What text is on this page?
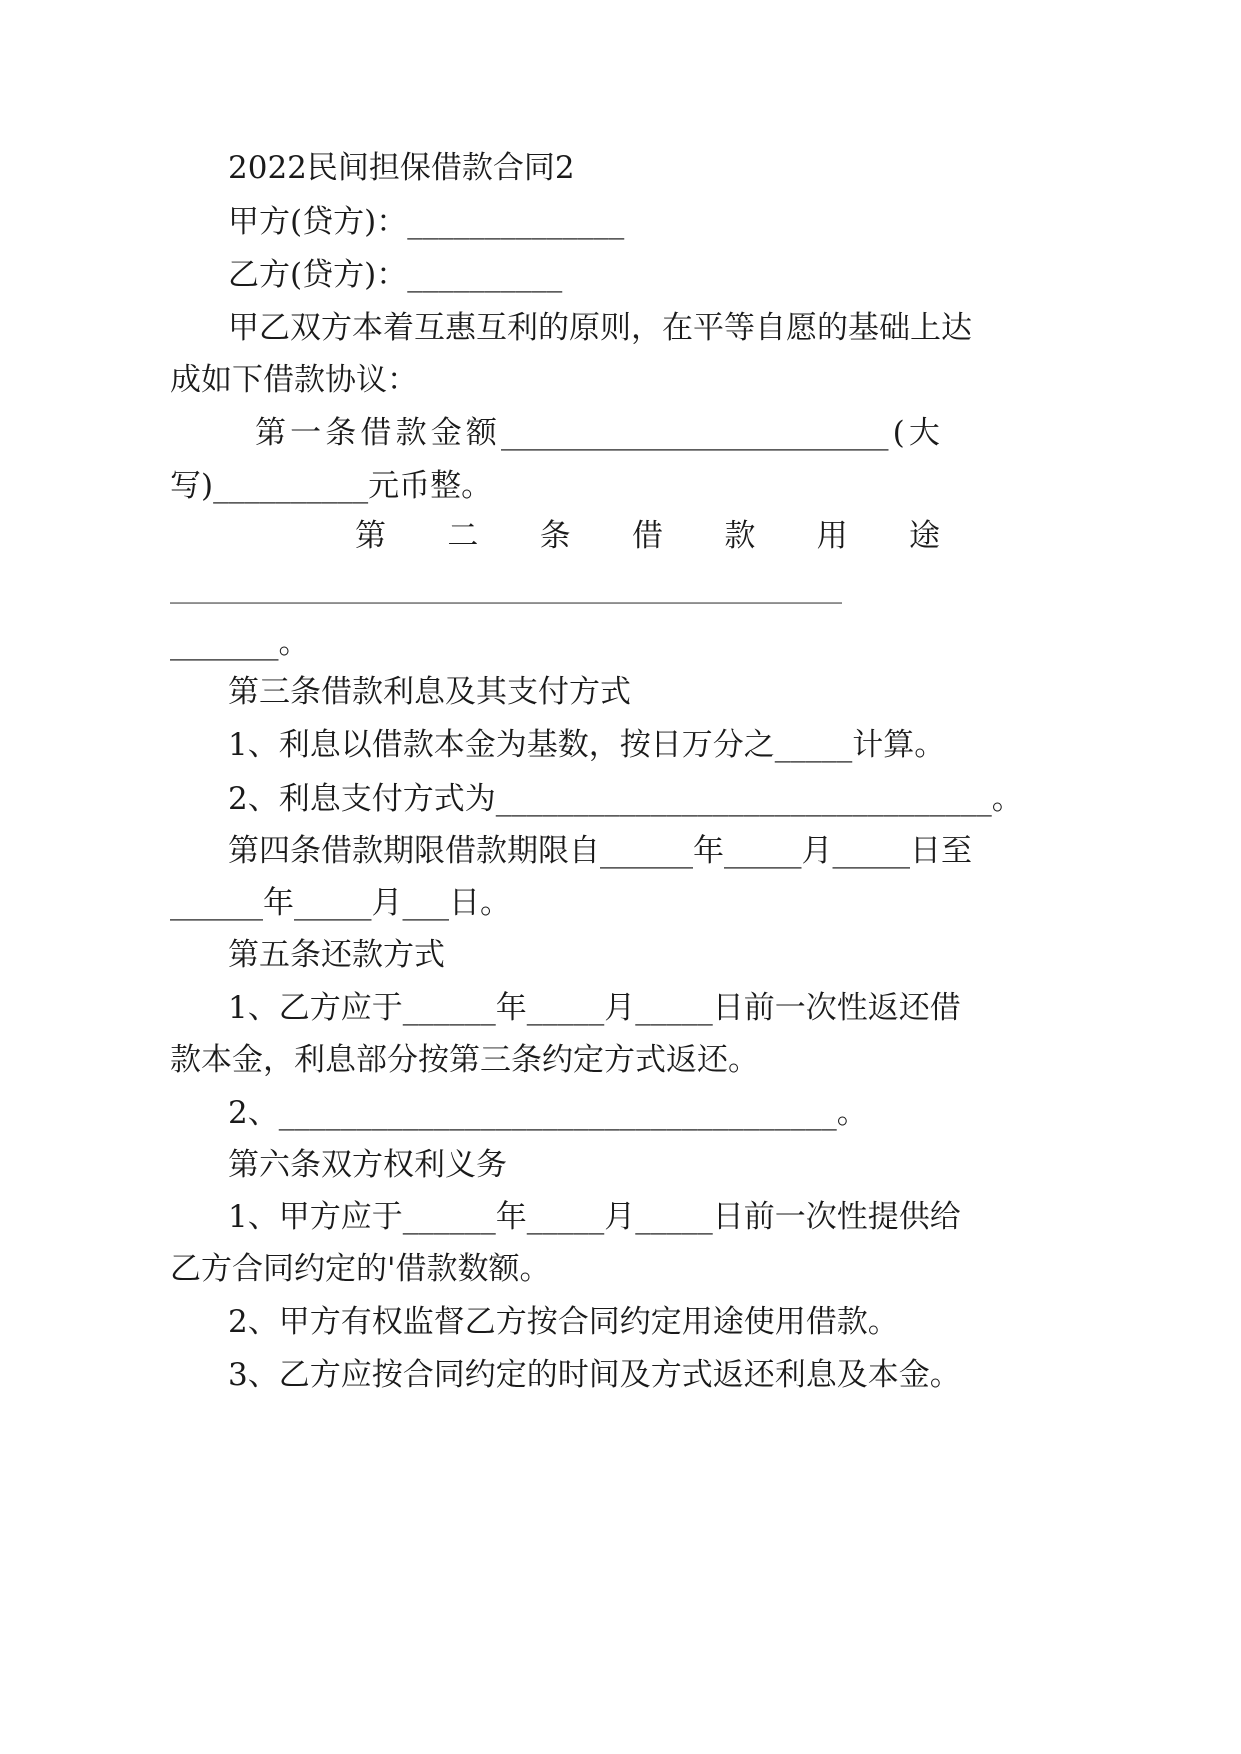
2022民间担保借款合同2
甲方(贷方)：______________
乙方(贷方)：__________
甲乙双方本着互惠互利的原则，在平等自愿的基础上达
成如下借款协议：
第 一 条 借 款 金 额 _________________________ ( 大
写)__________元币整。
第 二 条 借 款 用 途
________________________________________________________
_______。
第三条借款利息及其支付方式
1、利息以借款本金为基数，按日万分之_____计算。
2、利息支付方式为________________________________。
第四条借款期限借款期限自______年_____月_____日至
______年_____月___日。
第五条还款方式
1、乙方应于______年_____月_____日前一次性返还借
款本金，利息部分按第三条约定方式返还。
2、____________________________________。
第六条双方权利义务
1、甲方应于______年_____月_____日前一次性提供给
乙方合同约定的'借款数额。
2、甲方有权监督乙方按合同约定用途使用借款。
3、乙方应按合同约定的时间及方式返还利息及本金。
